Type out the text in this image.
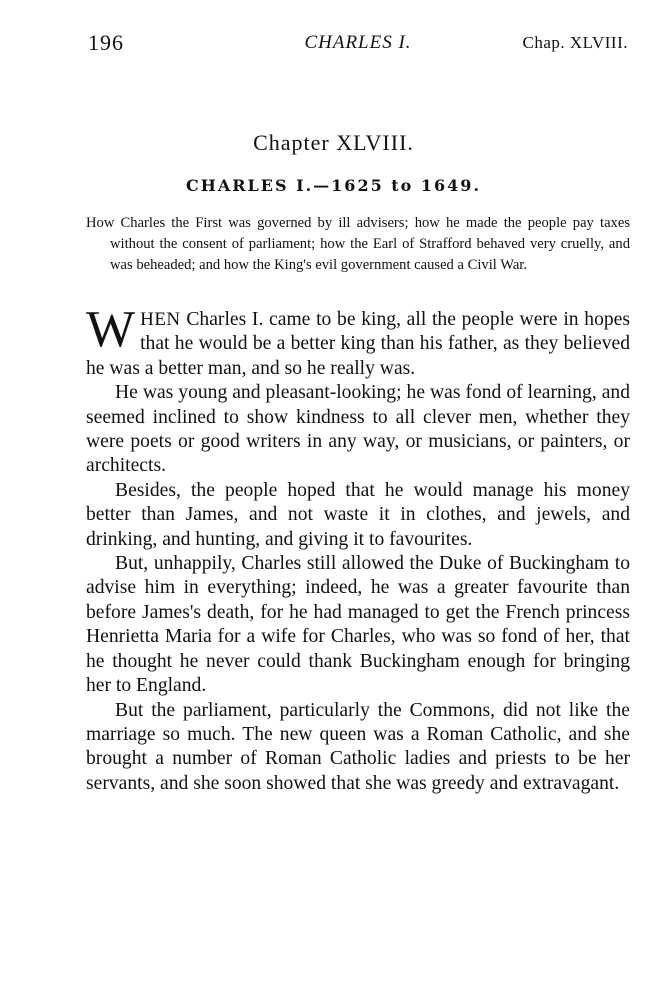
196	CHARLES I.	Chap. XLVIII.
Chapter XLVIII.
CHARLES I.—1625 to 1649.

How Charles the First was governed by ill advisers; how he made the people pay taxes without the consent of parliament; how the Earl of Strafford behaved very cruelly, and was beheaded; and how the King's evil government caused a Civil War.

WHEN Charles I. came to be king, all the people were in hopes that he would be a better king than his father, as they believed he was a better man, and so he really was.

He was young and pleasant-looking; he was fond of learning, and seemed inclined to show kindness to all clever men, whether they were poets or good writers in any way, or musicians, or painters, or architects.

Besides, the people hoped that he would manage his money better than James, and not waste it in clothes, and jewels, and drinking, and hunting, and giving it to favourites.

But, unhappily, Charles still allowed the Duke of Buckingham to advise him in everything; indeed, he was a greater favourite than before James's death, for he had managed to get the French princess Henrietta Maria for a wife for Charles, who was so fond of her, that he thought he never could thank Buckingham enough for bringing her to England.

But the parliament, particularly the Commons, did not like the marriage so much. The new queen was a Roman Catholic, and she brought a number of Roman Catholic ladies and priests to be her servants, and she soon showed that she was greedy and extravagant.
